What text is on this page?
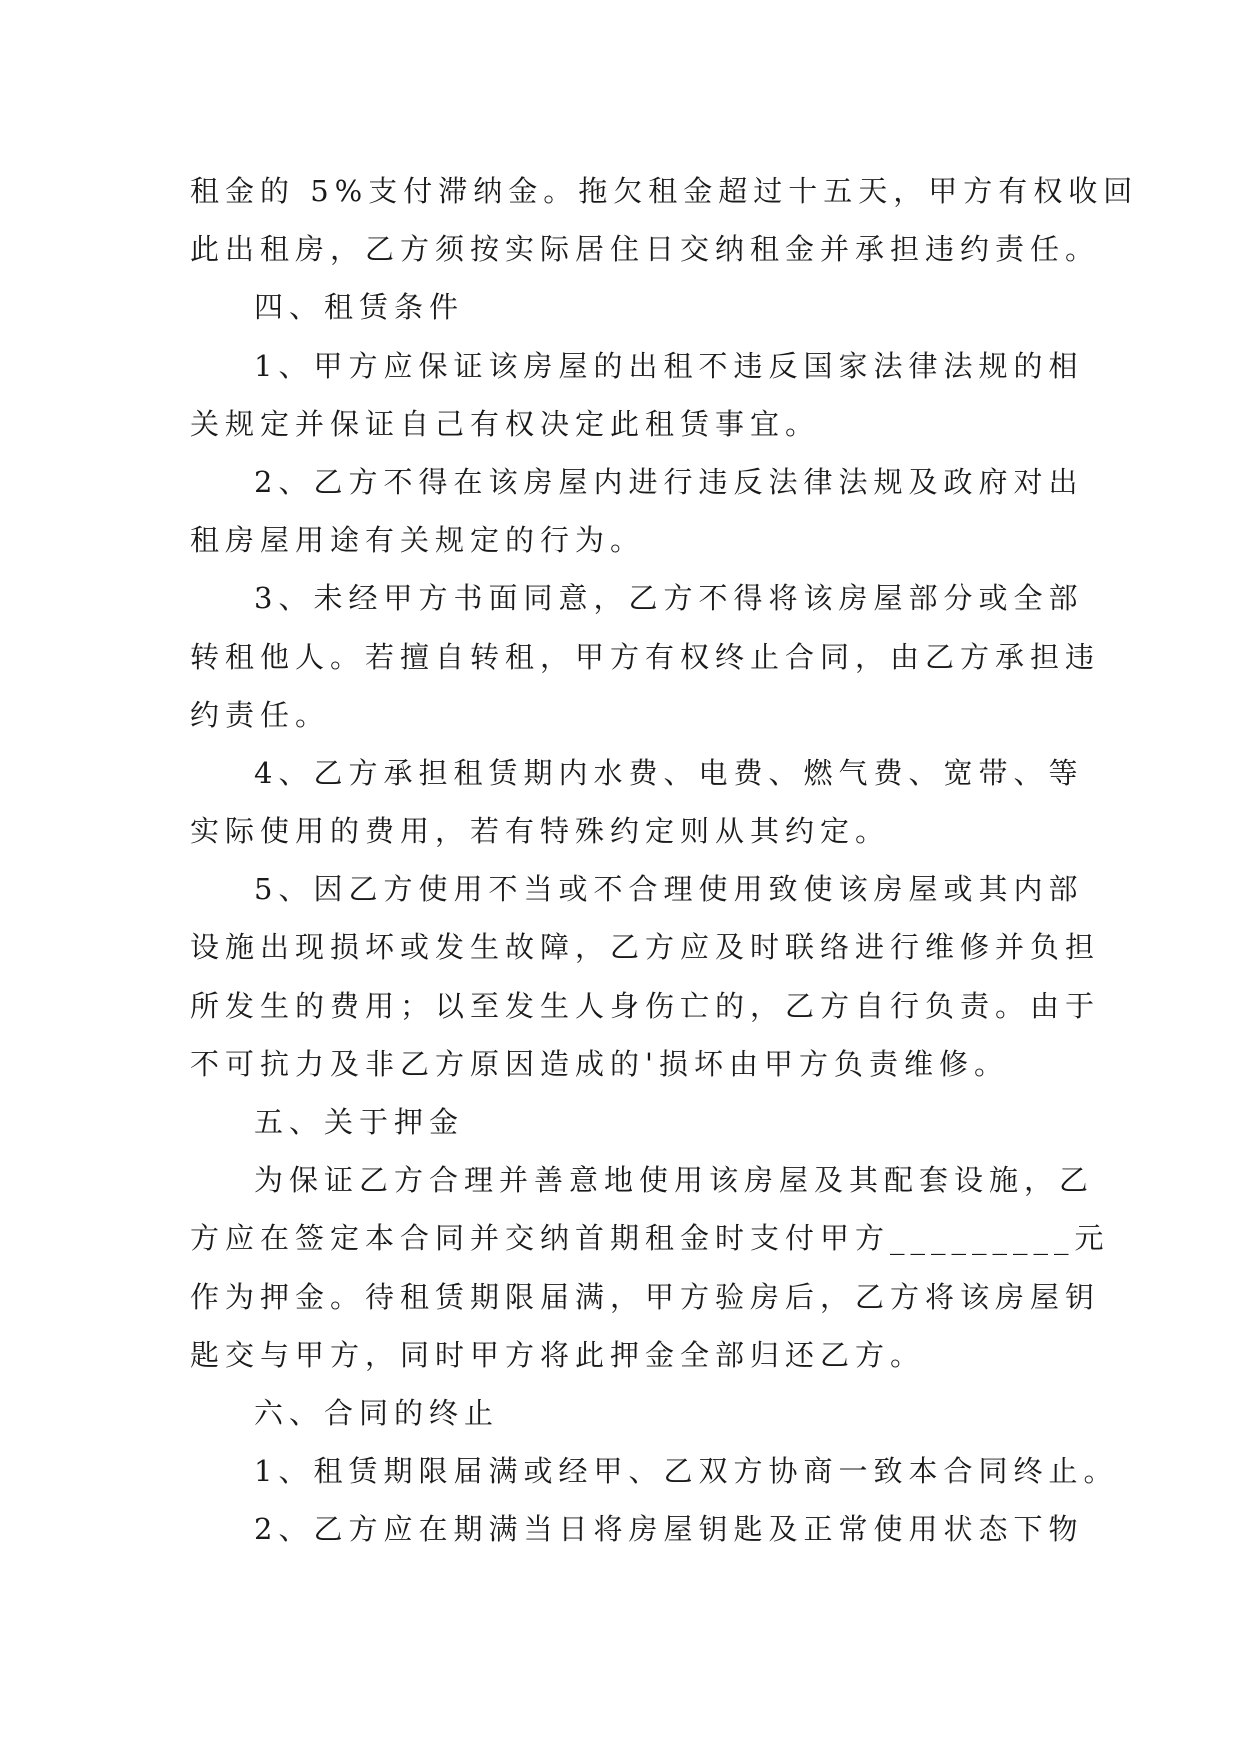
租金的 5%支付滞纳金。拖欠租金超过十五天，甲方有权收回
此出租房，乙方须按实际居住日交纳租金并承担违约责任。
四、租赁条件
1、甲方应保证该房屋的出租不违反国家法律法规的相
关规定并保证自己有权决定此租赁事宜。
2、乙方不得在该房屋内进行违反法律法规及政府对出
租房屋用途有关规定的行为。
3、未经甲方书面同意，乙方不得将该房屋部分或全部
转租他人。若擅自转租，甲方有权终止合同，由乙方承担违
约责任。
4、乙方承担租赁期内水费、电费、燃气费、宽带、等
实际使用的费用，若有特殊约定则从其约定。
5、因乙方使用不当或不合理使用致使该房屋或其内部
设施出现损坏或发生故障，乙方应及时联络进行维修并负担
所发生的费用；以至发生人身伤亡的，乙方自行负责。由于
不可抗力及非乙方原因造成的'损坏由甲方负责维修。
五、关于押金
为保证乙方合理并善意地使用该房屋及其配套设施，乙
方应在签定本合同并交纳首期租金时支付甲方_________元
作为押金。待租赁期限届满，甲方验房后，乙方将该房屋钥
匙交与甲方，同时甲方将此押金全部归还乙方。
六、合同的终止
1、租赁期限届满或经甲、乙双方协商一致本合同终止。
2、乙方应在期满当日将房屋钥匙及正常使用状态下物
